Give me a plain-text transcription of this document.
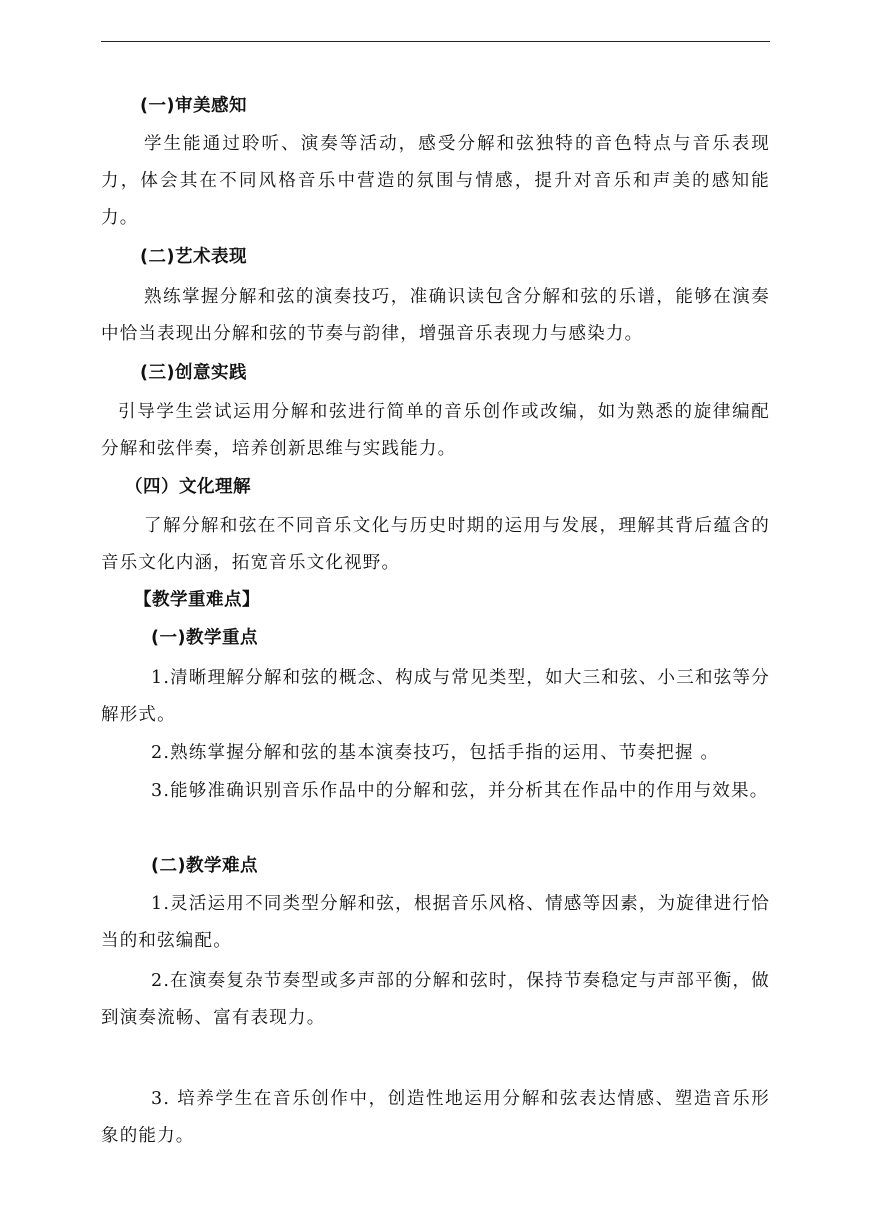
(一)审美感知
学生能通过聆听、演奏等活动，感受分解和弦独特的音色特点与音乐表现力，体会其在不同风格音乐中营造的氛围与情感，提升对音乐和声美的感知能力。
(二)艺术表现
熟练掌握分解和弦的演奏技巧，准确识读包含分解和弦的乐谱，能够在演奏中恰当表现出分解和弦的节奏与韵律，增强音乐表现力与感染力。
(三)创意实践
引导学生尝试运用分解和弦进行简单的音乐创作或改编，如为熟悉的旋律编配分解和弦伴奏，培养创新思维与实践能力。
（四）文化理解
了解分解和弦在不同音乐文化与历史时期的运用与发展，理解其背后蕴含的音乐文化内涵，拓宽音乐文化视野。
【教学重难点】
(一)教学重点
1.清晰理解分解和弦的概念、构成与常见类型，如大三和弦、小三和弦等分解形式。
2.熟练掌握分解和弦的基本演奏技巧，包括手指的运用、节奏把握 。
3.能够准确识别音乐作品中的分解和弦，并分析其在作品中的作用与效果。
(二)教学难点
1.灵活运用不同类型分解和弦，根据音乐风格、情感等因素，为旋律进行恰当的和弦编配。
2.在演奏复杂节奏型或多声部的分解和弦时，保持节奏稳定与声部平衡，做到演奏流畅、富有表现力。
3. 培养学生在音乐创作中，创造性地运用分解和弦表达情感、塑造音乐形象的能力。
